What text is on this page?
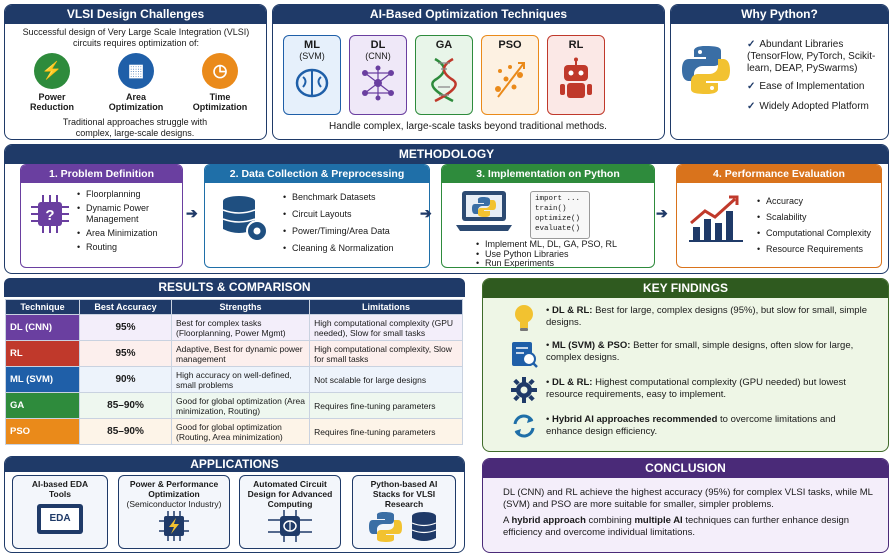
VLSI Design Challenges
Successful design of Very Large Scale Integration (VLSI) circuits requires optimization of:
⚡
Power Reduction
▦
Area Optimization
◷
Time Optimization
Traditional approaches struggle with complex, large-scale designs.
AI-Based Optimization Techniques
ML
(SVM)
DL
(CNN)
GA	PSO	RL
Handle complex, large-scale tasks beyond traditional methods.
Why Python?
✓ Abundant Libraries (TensorFlow, PyTorch, Scikit-learn, DEAP, PySwarms)
✓ Ease of Implementation
✓ Widely Adopted Platform
METHODOLOGY
1. Problem Definition
?
• Floorplanning
• Dynamic Power Management
• Area Minimization
• Routing
➔
2. Data Collection & Preprocessing
• Benchmark Datasets
• Circuit Layouts
• Power/Timing/Area Data
• Cleaning & Normalization
➔
3. Implementation on Python
import ...
train()
optimize()
evaluate()
• Implement ML, DL, GA, PSO, RL
• Use Python Libraries
• Run Experiments
➔
4. Performance Evaluation
• Accuracy
• Scalability
• Computational Complexity
• Resource Requirements
RESULTS & COMPARISON
Technique	Best Accuracy	Strengths	Limitations
DL (CNN)	95%	Best for complex tasks (Floorplanning, Power Mgmt)	High computational complexity (GPU needed), Slow for small tasks
RL	95%	Adaptive, Best for dynamic power management	High computational complexity, Slow for small tasks
ML (SVM)	90%	High accuracy on well-defined, small problems	Not scalable for large designs
GA	85–90%	Good for global optimization (Area minimization, Routing)	Requires fine-tuning parameters
PSO	85–90%	Good for global optimization (Routing, Area minimization)	Requires fine-tuning parameters
APPLICATIONS
AI-based EDA Tools
EDA
Power & Performance Optimization
(Semiconductor Industry)
Automated Circuit Design for Advanced Computing
Python-based AI Stacks for VLSI Research
KEY FINDINGS
• DL & RL: Best for large, complex designs (95%), but slow for small, simple designs.
• ML (SVM) & PSO: Better for small, simple designs, often slow for large, complex designs.
• DL & RL: Highest computational complexity (GPU needed) but lowest resource requirements, easy to implement.
• Hybrid AI approaches recommended to overcome limitations and enhance design efficiency.
CONCLUSION
DL (CNN) and RL achieve the highest accuracy (95%) for complex VLSI tasks, while ML (SVM) and PSO are more suitable for smaller, simpler problems.
A hybrid approach combining multiple AI techniques can further enhance design efficiency and overcome individual limitations.
